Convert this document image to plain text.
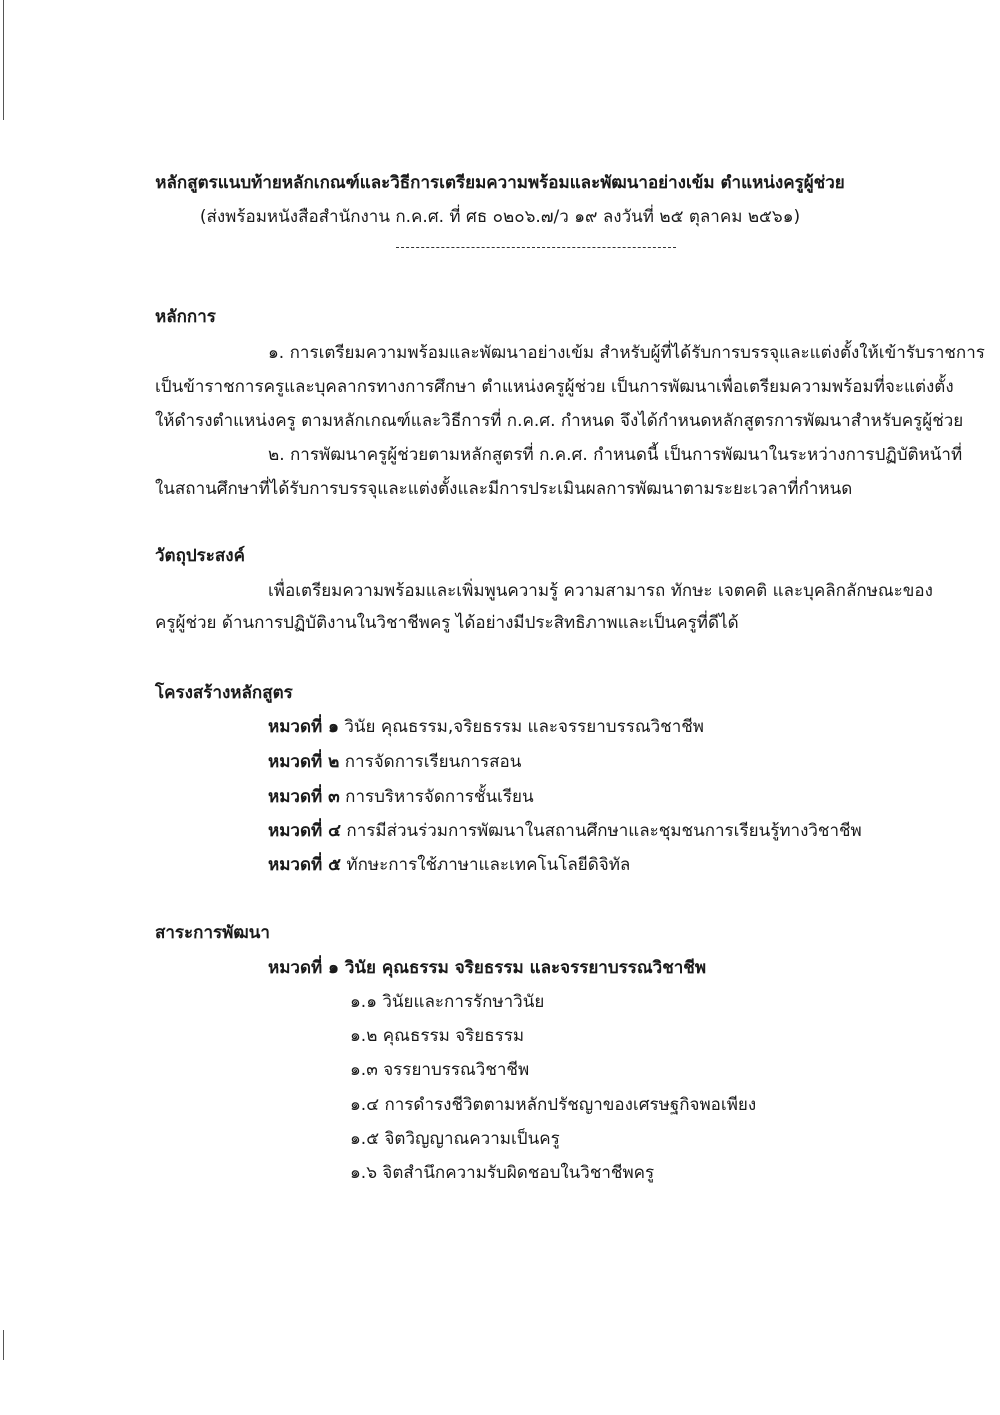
หลักสูตรแนบท้ายหลักเกณฑ์และวิธีการเตรียมความพร้อมและพัฒนาอย่างเข้ม ตำแหน่งครูผู้ช่วย
(ส่งพร้อมหนังสือสำนักงาน ก.ค.ศ. ที่ ศธ ๐๒๐๖.๗/ว ๑๙ ลงวันที่ ๒๕ ตุลาคม ๒๕๖๑)
หลักการ
๑. การเตรียมความพร้อมและพัฒนาอย่างเข้ม สำหรับผู้ที่ได้รับการบรรจุและแต่งตั้งให้เข้ารับราชการ
เป็นข้าราชการครูและบุคลากรทางการศึกษา ตำแหน่งครูผู้ช่วย เป็นการพัฒนาเพื่อเตรียมความพร้อมที่จะแต่งตั้ง
ให้ดำรงตำแหน่งครู ตามหลักเกณฑ์และวิธีการที่ ก.ค.ศ. กำหนด จึงได้กำหนดหลักสูตรการพัฒนาสำหรับครูผู้ช่วย
๒. การพัฒนาครูผู้ช่วยตามหลักสูตรที่ ก.ค.ศ. กำหนดนี้ เป็นการพัฒนาในระหว่างการปฏิบัติหน้าที่
ในสถานศึกษาที่ได้รับการบรรจุและแต่งตั้งและมีการประเมินผลการพัฒนาตามระยะเวลาที่กำหนด
วัตถุประสงค์
เพื่อเตรียมความพร้อมและเพิ่มพูนความรู้ ความสามารถ ทักษะ เจตคติ และบุคลิกลักษณะของ
ครูผู้ช่วย ด้านการปฏิบัติงานในวิชาชีพครู ได้อย่างมีประสิทธิภาพและเป็นครูที่ดีได้
โครงสร้างหลักสูตร
หมวดที่ ๑ วินัย คุณธรรม,จริยธรรม และจรรยาบรรณวิชาชีพ
หมวดที่ ๒ การจัดการเรียนการสอน
หมวดที่ ๓ การบริหารจัดการชั้นเรียน
หมวดที่ ๔ การมีส่วนร่วมการพัฒนาในสถานศึกษาและชุมชนการเรียนรู้ทางวิชาชีพ
หมวดที่ ๕ ทักษะการใช้ภาษาและเทคโนโลยีดิจิทัล
สาระการพัฒนา
หมวดที่ ๑ วินัย คุณธรรม จริยธรรม และจรรยาบรรณวิชาชีพ
๑.๑ วินัยและการรักษาวินัย
๑.๒ คุณธรรม จริยธรรม
๑.๓ จรรยาบรรณวิชาชีพ
๑.๔ การดำรงชีวิตตามหลักปรัชญาของเศรษฐกิจพอเพียง
๑.๕ จิตวิญญาณความเป็นครู
๑.๖ จิตสำนึกความรับผิดชอบในวิชาชีพครู
